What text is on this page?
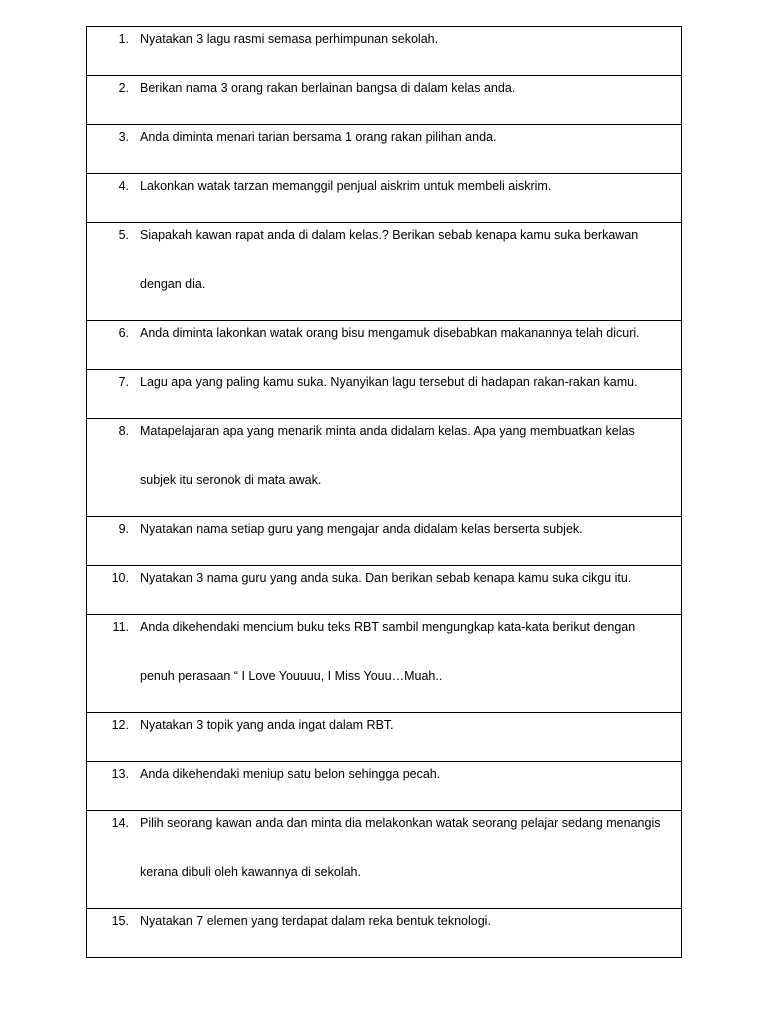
1. Nyatakan 3 lagu rasmi semasa perhimpunan sekolah.

2. Berikan nama 3 orang rakan berlainan bangsa di dalam kelas anda.

3. Anda diminta menari tarian bersama 1 orang rakan pilihan anda.

4. Lakonkan watak tarzan memanggil penjual aiskrim untuk membeli aiskrim.

5. Siapakah kawan rapat anda di dalam kelas.? Berikan sebab kenapa kamu suka berkawan
dengan dia.

6. Anda diminta lakonkan watak orang bisu mengamuk disebabkan makanannya telah dicuri.

7. Lagu apa yang paling kamu suka. Nyanyikan lagu tersebut di hadapan rakan-rakan kamu.

8. Matapelajaran apa yang menarik minta anda didalam kelas. Apa yang membuatkan kelas
subjek itu seronok di mata awak.

9. Nyatakan nama setiap guru yang mengajar anda didalam kelas berserta subjek.

10. Nyatakan 3 nama guru yang anda suka. Dan berikan sebab kenapa kamu suka cikgu itu.

11. Anda dikehendaki mencium buku teks RBT sambil mengungkap kata-kata berikut dengan
penuh perasaan “ I Love Youuuu, I Miss Youu…Muah..

12. Nyatakan 3 topik yang anda ingat dalam RBT.

13. Anda dikehendaki meniup satu belon sehingga pecah.

14. Pilih seorang kawan anda dan minta dia melakonkan watak seorang pelajar sedang menangis
kerana dibuli oleh kawannya di sekolah.

15. Nyatakan 7 elemen yang terdapat dalam reka bentuk teknologi.
